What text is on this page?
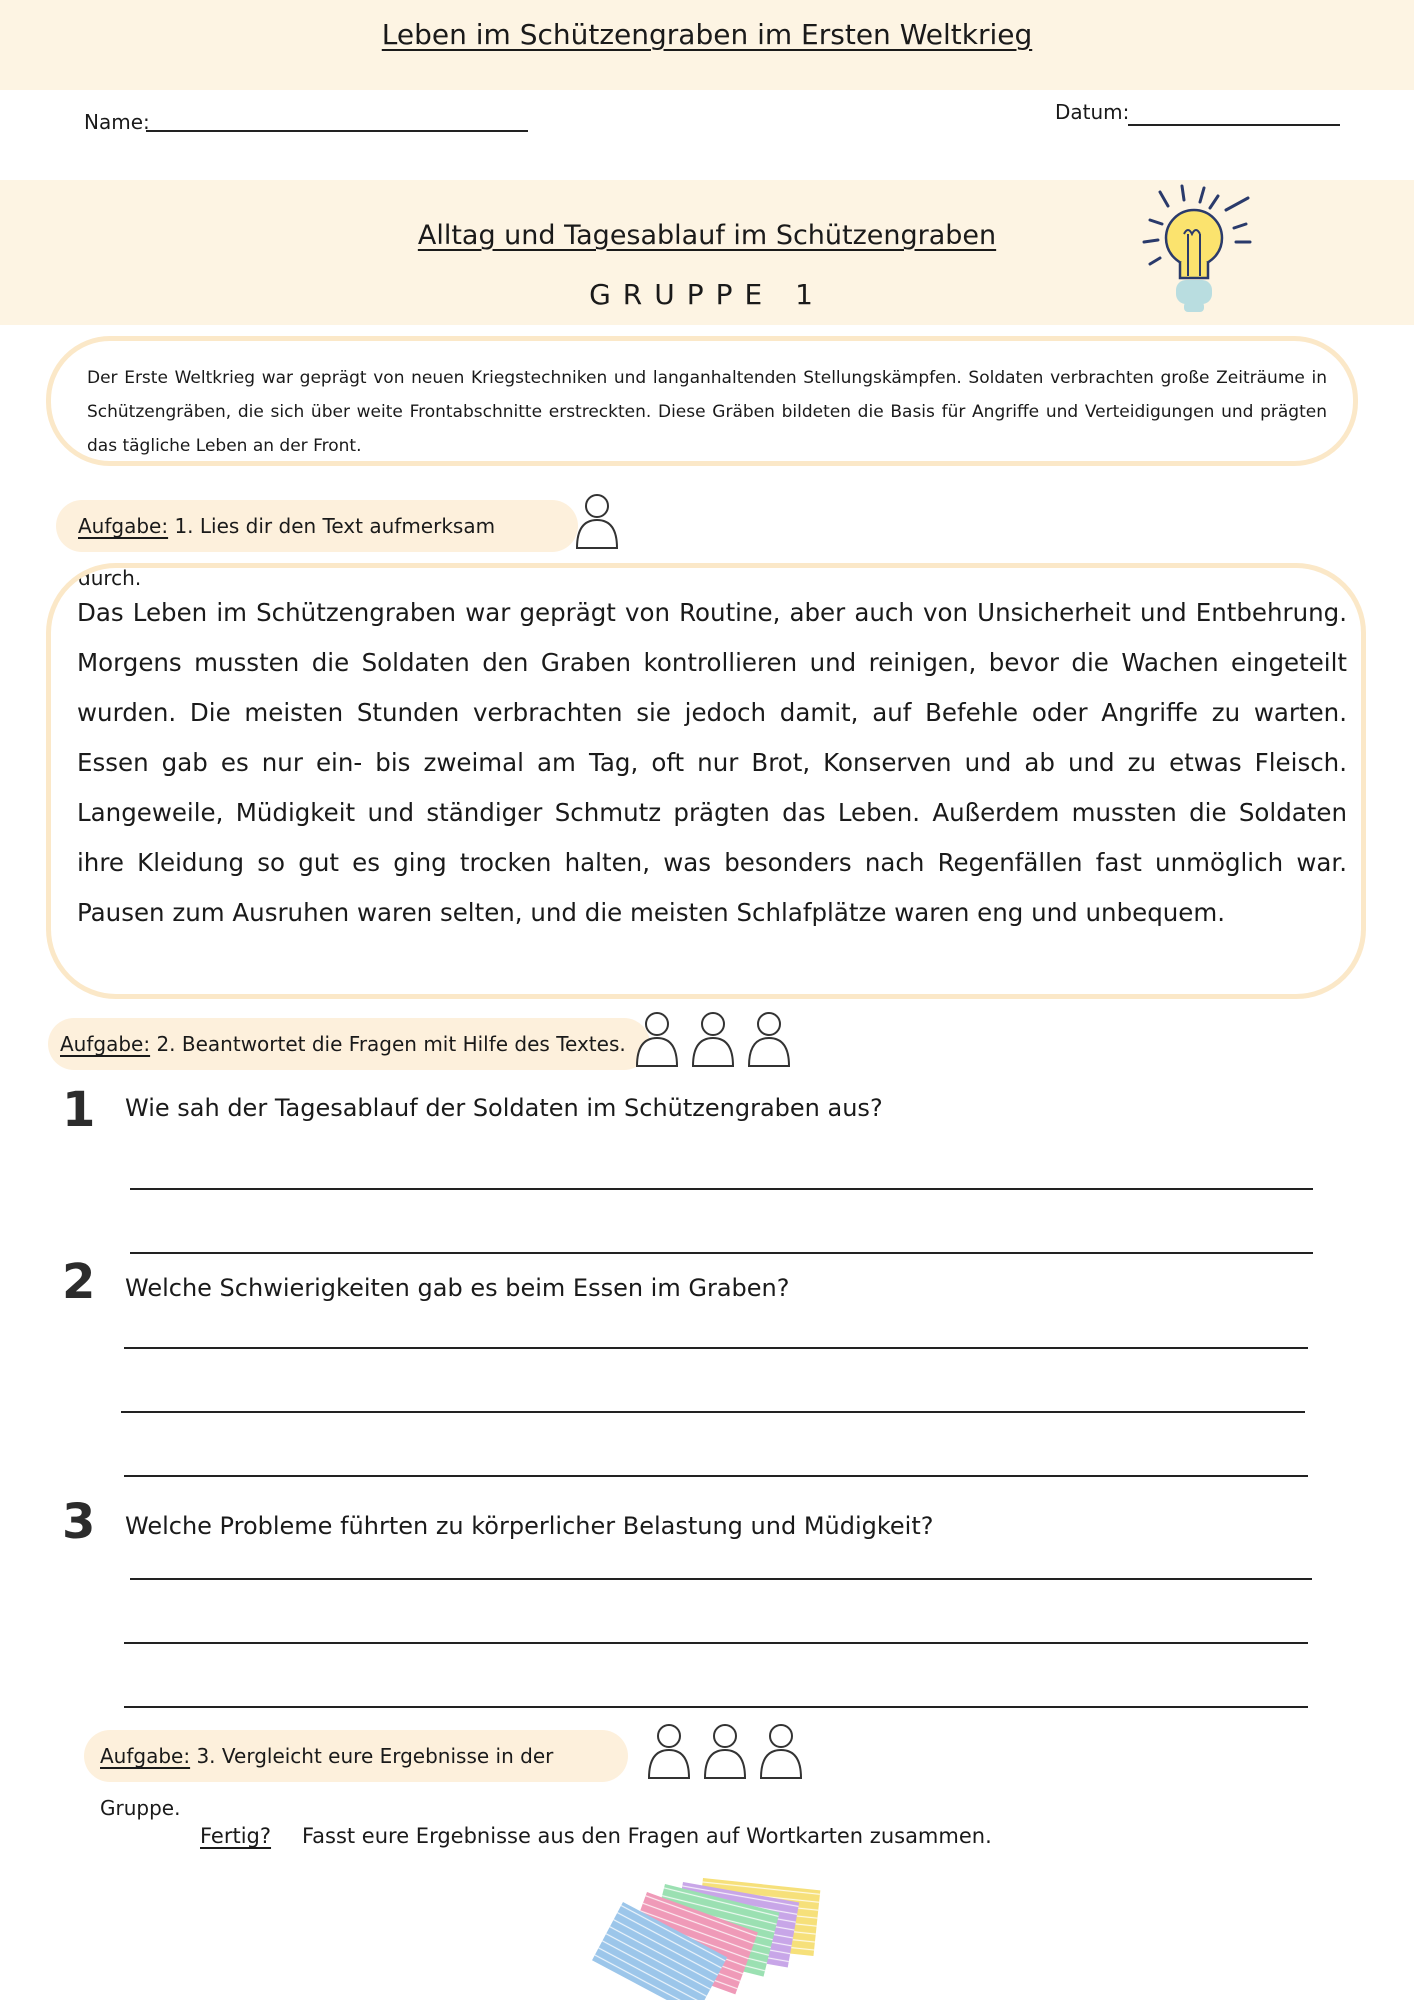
Leben im Schützengraben im Ersten Weltkrieg
Name:	Datum:
Alltag und Tagesablauf im Schützengraben
GRUPPE 1
Der Erste Weltkrieg war geprägt von neuen Kriegstechniken und langanhaltenden Stellungskämpfen. Soldaten verbrachten große Zeiträume in Schützengräben, die sich über weite Frontabschnitte erstreckten. Diese Gräben bildeten die Basis für Angriffe und Verteidigungen und prägten das tägliche Leben an der Front.
Aufgabe: 1. Lies dir den Text aufmerksam durch.
Das Leben im Schützengraben war geprägt von Routine, aber auch von Unsicherheit und Entbehrung. Morgens mussten die Soldaten den Graben kontrollieren und reinigen, bevor die Wachen eingeteilt wurden. Die meisten Stunden verbrachten sie jedoch damit, auf Befehle oder Angriffe zu warten. Essen gab es nur ein- bis zweimal am Tag, oft nur Brot, Konserven und ab und zu etwas Fleisch. Langeweile, Müdigkeit und ständiger Schmutz prägten das Leben. Außerdem mussten die Soldaten ihre Kleidung so gut es ging trocken halten, was besonders nach Regenfällen fast unmöglich war. Pausen zum Ausruhen waren selten, und die meisten Schlafplätze waren eng und unbequem.
Aufgabe: 2. Beantwortet die Fragen mit Hilfe des Textes.
1 Wie sah der Tagesablauf der Soldaten im Schützengraben aus?
2 Welche Schwierigkeiten gab es beim Essen im Graben?
3 Welche Probleme führten zu körperlicher Belastung und Müdigkeit?
Aufgabe: 3. Vergleicht eure Ergebnisse in der Gruppe.
Fertig? Fasst eure Ergebnisse aus den Fragen auf Wortkarten zusammen.
